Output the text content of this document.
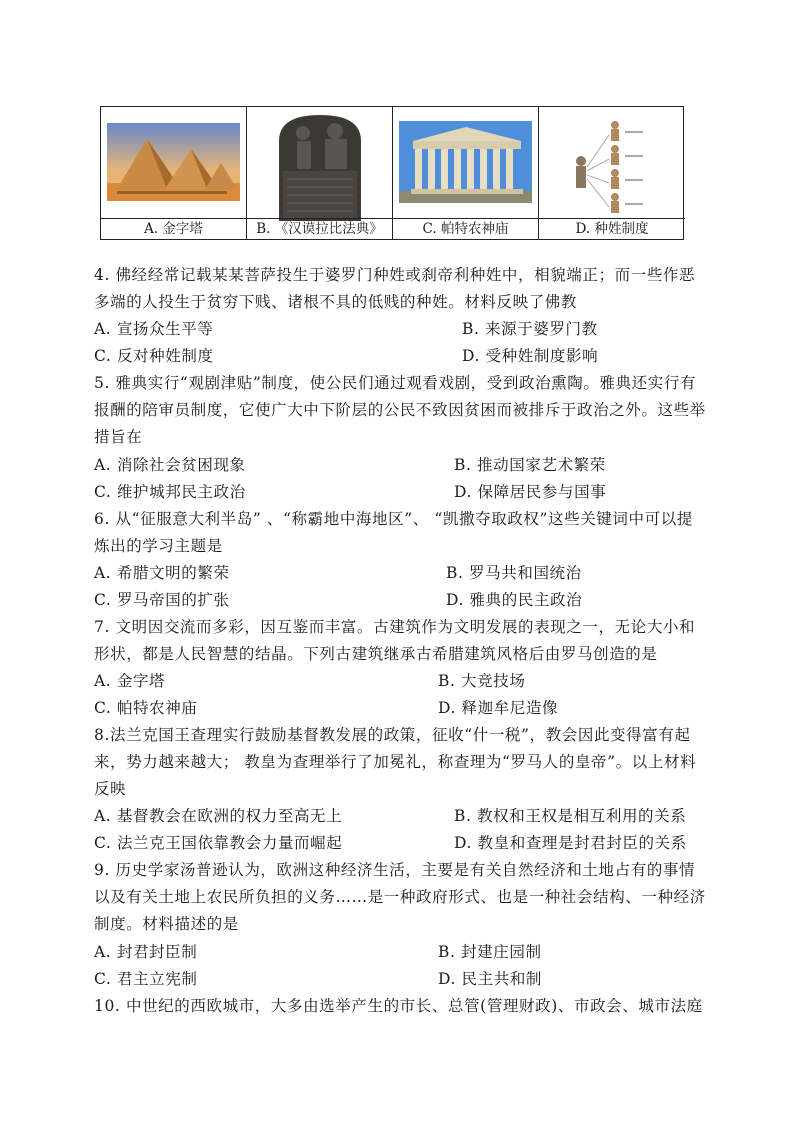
A. 金字塔	B. 《汉谟拉比法典》	C. 帕特农神庙	D. 种姓制度
4. 佛经经常记载某某菩萨投生于婆罗门种姓或刹帝利种姓中，相貌端正；而一些作恶多端的人投生于贫穷下贱、诸根不具的低贱的种姓。材料反映了佛教
A. 宣扬众生平等	B. 来源于婆罗门教
C. 反对种姓制度	D. 受种姓制度影响
5. 雅典实行“观剧津贴”制度，使公民们通过观看戏剧，受到政治熏陶。雅典还实行有报酬的陪审员制度，它使广大中下阶层的公民不致因贫困而被排斥于政治之外。这些举措旨在
A. 消除社会贫困现象	B. 推动国家艺术繁荣
C. 维护城邦民主政治	D. 保障居民参与国事
6. 从“征服意大利半岛” 、“称霸地中海地区”、 “凯撒夺取政权”这些关键词中可以提炼出的学习主题是
A. 希腊文明的繁荣	B. 罗马共和国统治
C. 罗马帝国的扩张	D. 雅典的民主政治
7. 文明因交流而多彩，因互鉴而丰富。古建筑作为文明发展的表现之一，无论大小和形状，都是人民智慧的结晶。下列古建筑继承古希腊建筑风格后由罗马创造的是
A. 金字塔	B. 大竞技场
C. 帕特农神庙	D. 释迦牟尼造像
8.法兰克国王查理实行鼓励基督教发展的政策，征收“什一税”，教会因此变得富有起来，势力越来越大； 教皇为查理举行了加冕礼，称查理为“罗马人的皇帝”。以上材料反映
A. 基督教会在欧洲的权力至高无上	B. 教权和王权是相互利用的关系
C. 法兰克王国依靠教会力量而崛起	D. 教皇和查理是封君封臣的关系
9. 历史学家汤普逊认为，欧洲这种经济生活，主要是有关自然经济和土地占有的事情以及有关土地上农民所负担的义务……是一种政府形式、也是一种社会结构、一种经济制度。材料描述的是
A. 封君封臣制	B. 封建庄园制
C. 君主立宪制	D. 民主共和制
10. 中世纪的西欧城市，大多由选举产生的市长、总管(管理财政)、市政会、城市法庭
